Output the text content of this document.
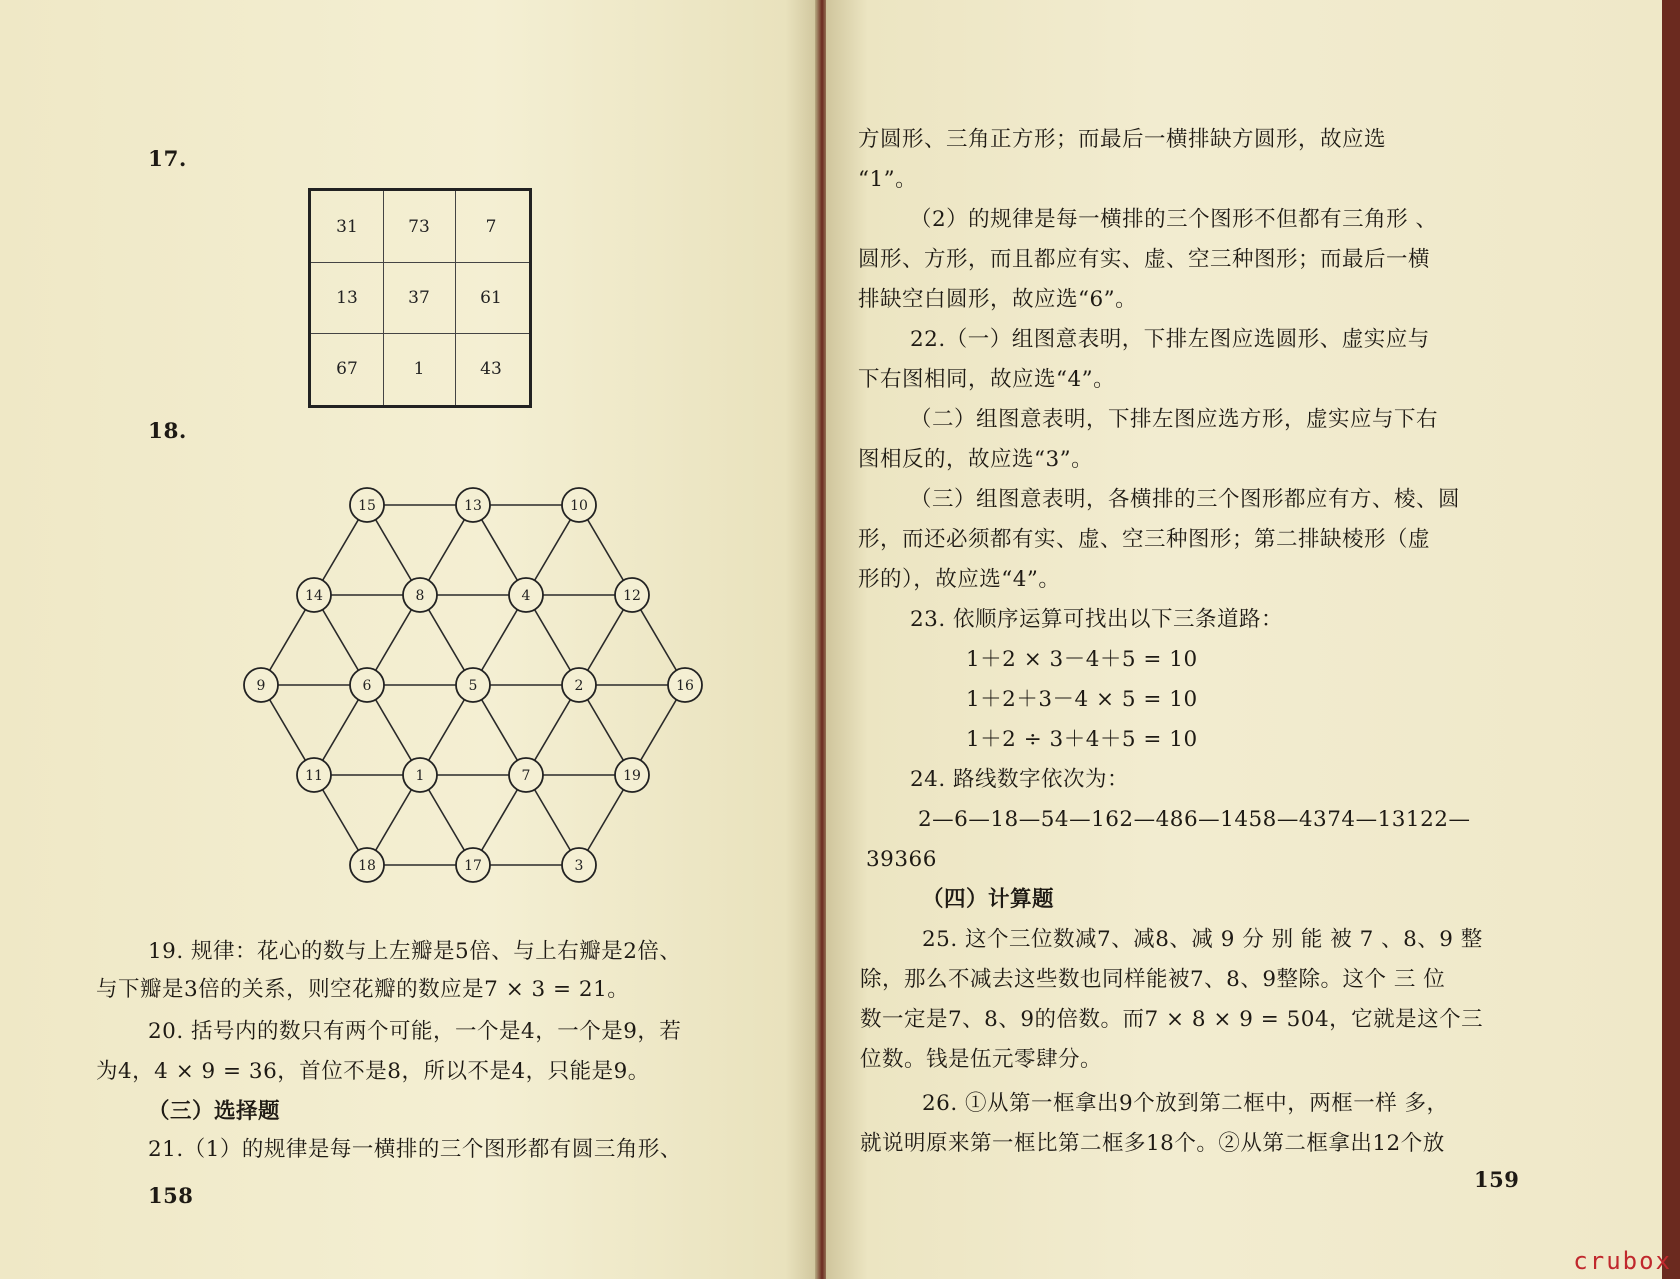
17.
31	73	7
13	37	61
67	1	43
18.
15	13	10
14	8	4	12
9	6	5	2	16
11	1	7	19
18	17	3
19. 规律：花心的数与上左瓣是5倍、与上右瓣是2倍、
与下瓣是3倍的关系，则空花瓣的数应是7 × 3 = 21。
20. 括号内的数只有两个可能，一个是4，一个是9，若
为4，4 × 9 = 36，首位不是8，所以不是4，只能是9。
（三）选择题
21.（1）的规律是每一横排的三个图形都有圆三角形、
158
方圆形、三角正方形；而最后一横排缺方圆形，故应选
“1”。
（2）的规律是每一横排的三个图形不但都有三角形 、
圆形、方形，而且都应有实、虚、空三种图形；而最后一横
排缺空白圆形，故应选“6”。
22.（一）组图意表明，下排左图应选圆形、虚实应与
下右图相同，故应选“4”。
（二）组图意表明，下排左图应选方形，虚实应与下右
图相反的，故应选“3”。
（三）组图意表明，各横排的三个图形都应有方、棱、圆
形，而还必须都有实、虚、空三种图形；第二排缺棱形（虚
形的），故应选“4”。
23. 依顺序运算可找出以下三条道路：
1＋2 × 3－4＋5 = 10
1＋2＋3－4 × 5 = 10
1＋2 ÷ 3＋4＋5 = 10
24. 路线数字依次为：
2—6—18—54—162—486—1458—4374—13122—
39366
（四）计算题
25. 这个三位数减7、减8、减 9 分 别 能 被 7 、8、9 整
除，那么不减去这些数也同样能被7、8、9整除。这个 三 位
数一定是7、8、9的倍数。而7 × 8 × 9 = 504，它就是这个三
位数。钱是伍元零肆分。
26. ①从第一框拿出9个放到第二框中，两框一样 多，
就说明原来第一框比第二框多18个。②从第二框拿出12个放
159
crubox
